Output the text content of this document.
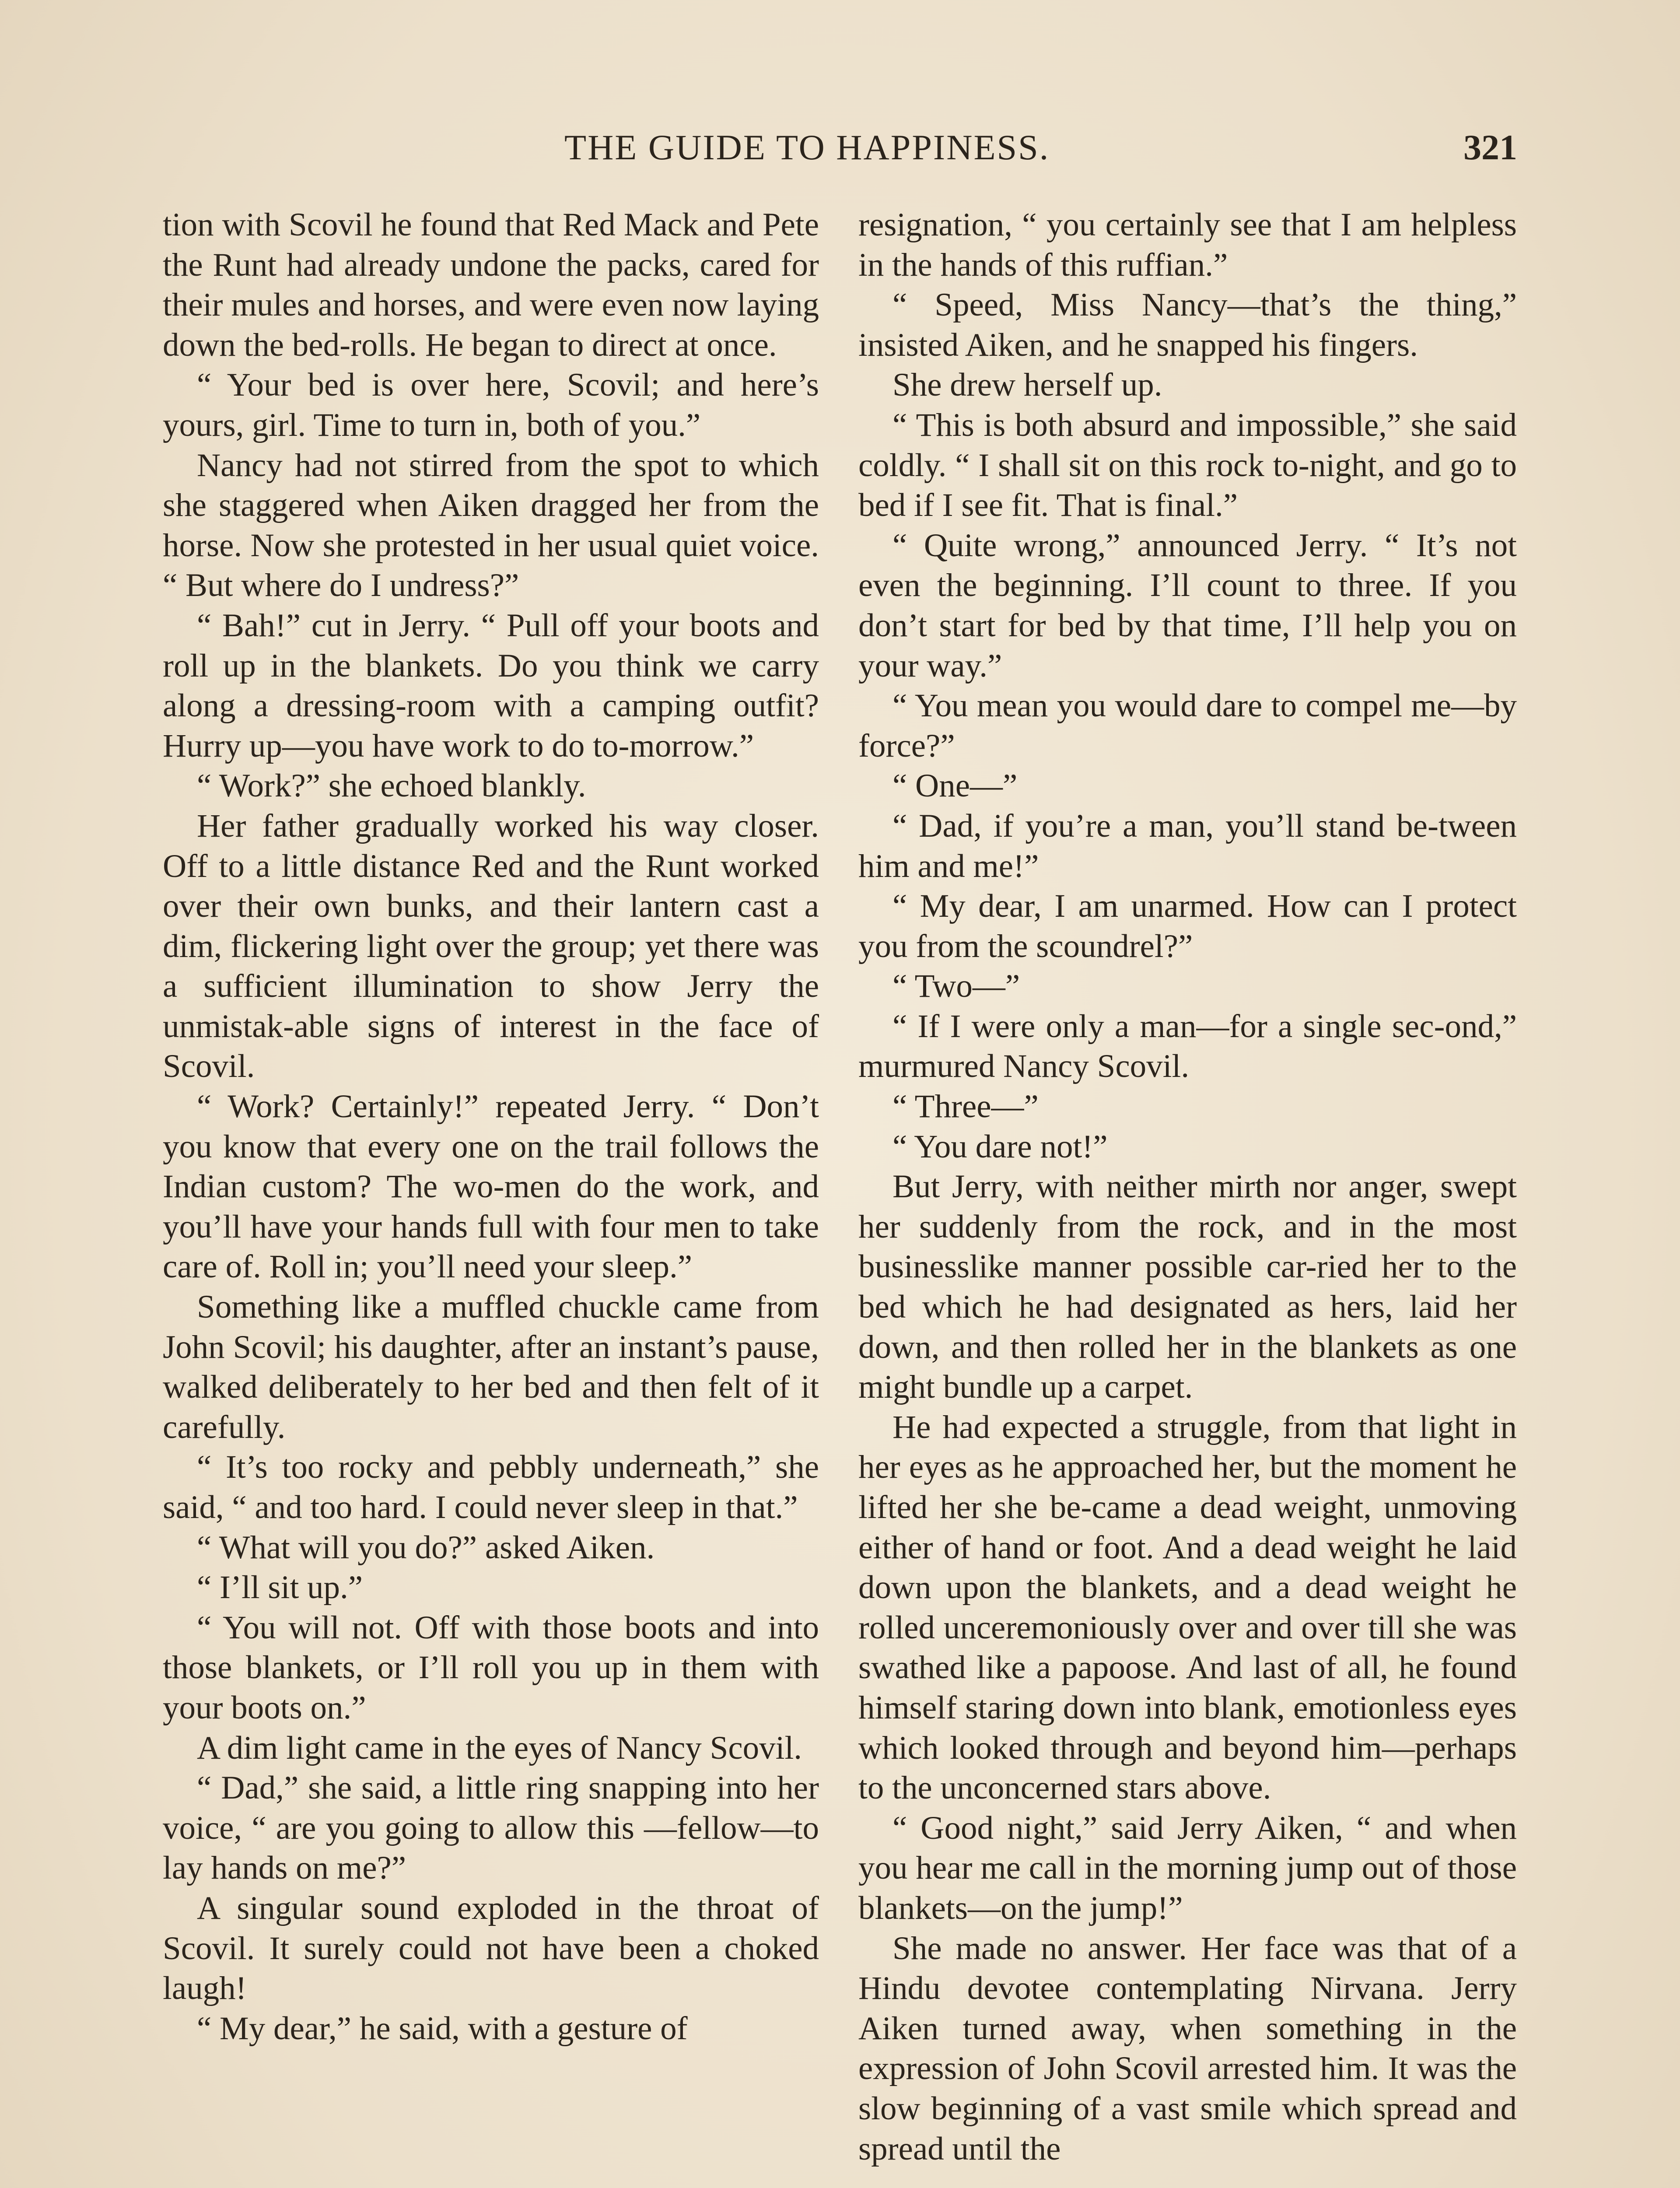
THE GUIDE TO HAPPINESS.	321

tion with Scovil he found that Red Mack and Pete the Runt had already undone the packs, cared for their mules and horses, and were even now laying down the bed-rolls. He began to direct at once.

“ Your bed is over here, Scovil; and here’s yours, girl. Time to turn in, both of you.”

Nancy had not stirred from the spot to which she staggered when Aiken dragged her from the horse. Now she protested in her usual quiet voice. “ But where do I undress?”

“ Bah!” cut in Jerry. “ Pull off your boots and roll up in the blankets. Do you think we carry along a dressing-room with a camping outfit? Hurry up—you have work to do to-morrow.”

“ Work?” she echoed blankly.

Her father gradually worked his way closer. Off to a little distance Red and the Runt worked over their own bunks, and their lantern cast a dim, flickering light over the group; yet there was a sufficient illumination to show Jerry the unmistak-able signs of interest in the face of Scovil.

“ Work? Certainly!” repeated Jerry. “ Don’t you know that every one on the trail follows the Indian custom? The wo-men do the work, and you’ll have your hands full with four men to take care of. Roll in; you’ll need your sleep.”

Something like a muffled chuckle came from John Scovil; his daughter, after an instant’s pause, walked deliberately to her bed and then felt of it carefully.

“ It’s too rocky and pebbly underneath,” she said, “ and too hard. I could never sleep in that.”

“ What will you do?” asked Aiken.

“ I’ll sit up.”

“ You will not. Off with those boots and into those blankets, or I’ll roll you up in them with your boots on.”

A dim light came in the eyes of Nancy Scovil.

“ Dad,” she said, a little ring snapping into her voice, “ are you going to allow this —fellow—to lay hands on me?”

A singular sound exploded in the throat of Scovil. It surely could not have been a choked laugh!

“ My dear,” he said, with a gesture of

resignation, “ you certainly see that I am helpless in the hands of this ruffian.”

“ Speed, Miss Nancy—that’s the thing,” insisted Aiken, and he snapped his fingers.

She drew herself up.

“ This is both absurd and impossible,” she said coldly. “ I shall sit on this rock to-night, and go to bed if I see fit. That is final.”

“ Quite wrong,” announced Jerry. “ It’s not even the beginning. I’ll count to three. If you don’t start for bed by that time, I’ll help you on your way.”

“ You mean you would dare to compel me—by force?”

“ One—”

“ Dad, if you’re a man, you’ll stand be-tween him and me!”

“ My dear, I am unarmed. How can I protect you from the scoundrel?”

“ Two—”

“ If I were only a man—for a single sec-ond,” murmured Nancy Scovil.

“ Three—”

“ You dare not!”

But Jerry, with neither mirth nor anger, swept her suddenly from the rock, and in the most businesslike manner possible car-ried her to the bed which he had designated as hers, laid her down, and then rolled her in the blankets as one might bundle up a carpet.

He had expected a struggle, from that light in her eyes as he approached her, but the moment he lifted her she be-came a dead weight, unmoving either of hand or foot. And a dead weight he laid down upon the blankets, and a dead weight he rolled unceremoniously over and over till she was swathed like a papoose. And last of all, he found himself staring down into blank, emotionless eyes which looked through and beyond him—perhaps to the unconcerned stars above.

“ Good night,” said Jerry Aiken, “ and when you hear me call in the morning jump out of those blankets—on the jump!”

She made no answer. Her face was that of a Hindu devotee contemplating Nirvana. Jerry Aiken turned away, when something in the expression of John Scovil arrested him. It was the slow beginning of a vast smile which spread and spread until the
